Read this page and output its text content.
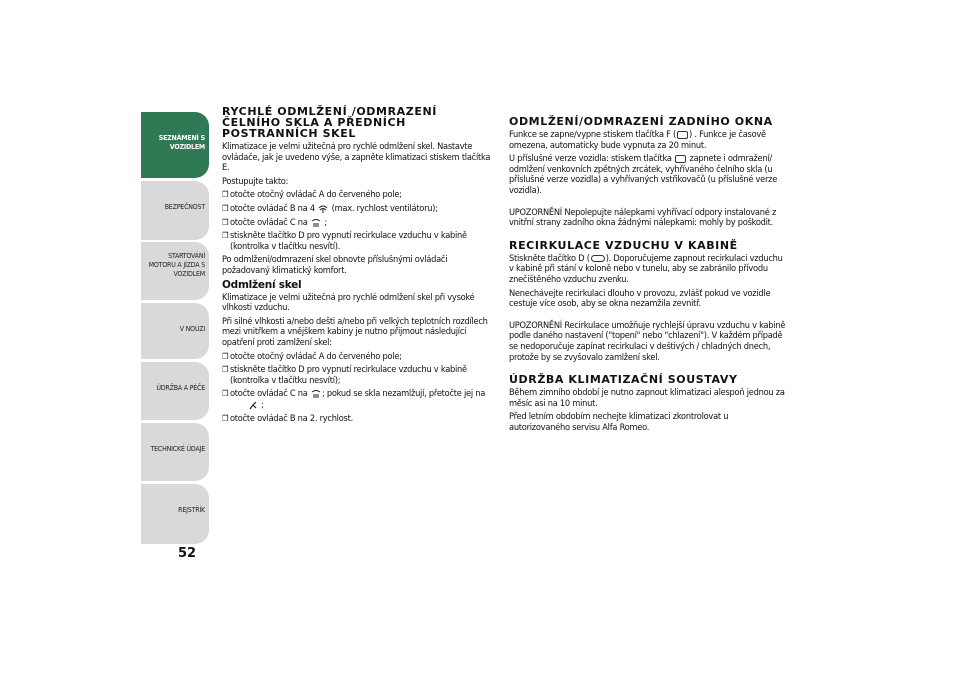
SEZNÁMENÍ S VOZIDLEM
BEZPEČNOST
STARTOVÁNÍ MOTORU A JÍZDA S VOZIDLEM
V NOUZI
ÚDRŽBA A PÉČE
TECHNICKÉ ÚDAJE
REJSTŘÍK
52
RYCHLÉ ODMLŽENÍ /ODMRAZENÍ ČELNÍHO SKLA A PŘEDNÍCH POSTRANNÍCH SKEL

Klimatizace je velmi užitečná pro rychlé odmlžení skel. Nastavte ovládače, jak je uvedeno výše, a zapněte klimatizaci stiskem tlačítka E.

Postupujte takto:

❒ otočte otočný ovládač A do červeného pole;
❒ otočte ovládač B na 4 (max. rychlost ventilátoru);
❒ otočte ovládač C na ;
❒ stiskněte tlačítko D pro vypnutí recirkulace vzduchu v kabině (kontrolka v tlačítku nesvítí).

Po odmlžení/odmrazení skel obnovte příslušnými ovládači požadovaný klimatický komfort.

Odmlžení skel

Klimatizace je velmi užitečná pro rychlé odmlžení skel při vysoké vlhkosti vzduchu.

Při silné vlhkosti a/nebo dešti a/nebo při velkých teplotních rozdílech mezi vnitřkem a vnějškem kabiny je nutno přijmout následující opatření proti zamlžení skel:

❒ otočte otočný ovládač A do červeného pole;
❒ stiskněte tlačítko D pro vypnutí recirkulace vzduchu v kabině (kontrolka v tlačítku nesvítí);
❒ otočte ovládač C na ; pokud se skla nezamlžují, přetočte jej na
;
❒ otočte ovládač B na 2. rychlost.
ODMLŽENÍ/ODMRAZENÍ ZADNÍHO OKNA

Funkce se zapne/vypne stiskem tlačítka F ( ) . Funkce je časově omezena, automaticky bude vypnuta za 20 minut.

U příslušné verze vozidla: stiskem tlačítka zapnete i odmražení/ odmlžení venkovních zpětných zrcátek, vyhřívaného čelního skla (u příslušné verze vozidla) a vyhřívaných vstřikovačů (u příslušné verze vozidla).

UPOZORNĚNÍ Nepolepujte nálepkami vyhřívací odpory instalované z vnitřní strany zadního okna žádnými nálepkami: mohly by poškodit.

RECIRKULACE VZDUCHU V KABINĚ

Stiskněte tlačítko D ( ). Doporučujeme zapnout recirkulaci vzduchu v kabině při stání v koloně nebo v tunelu, aby se zabránilo přívodu znečištěného vzduchu zvenku.

Nenechávejte recirkulaci dlouho v provozu, zvlášť pokud ve vozidle cestuje více osob, aby se okna nezamžila zevnitř.

UPOZORNĚNÍ Recirkulace umožňuje rychlejší úpravu vzduchu v kabině podle daného nastavení ("topení" nebo "chlazení"). V každém případě se nedoporučuje zapínat recirkulaci v deštivých / chladných dnech, protože by se zvyšovalo zamlžení skel.

ÚDRŽBA KLIMATIZAČNÍ SOUSTAVY

Během zimního období je nutno zapnout klimatizaci alespoň jednou za měsíc asi na 10 minut.

Před letním obdobím nechejte klimatizaci zkontrolovat u autorizovaného servisu Alfa Romeo.
